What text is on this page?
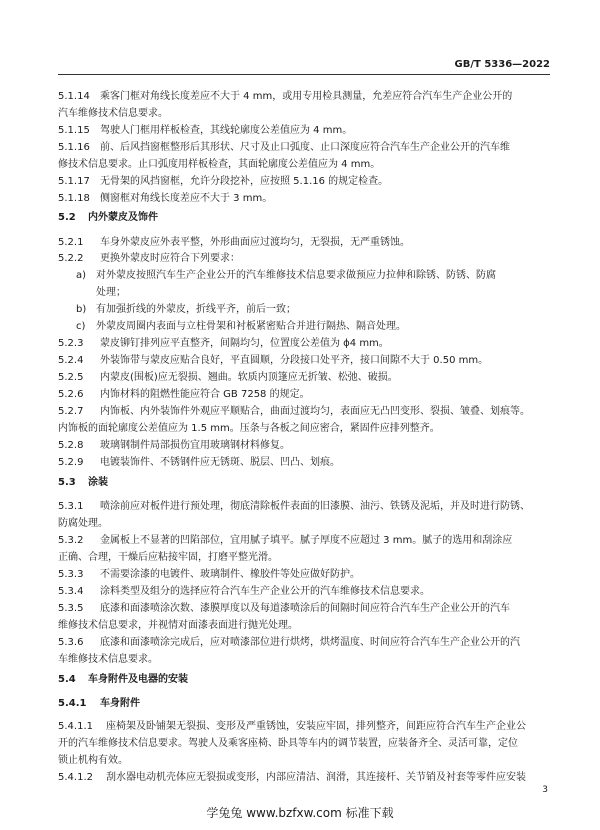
GB/T 5336—2022
5.1.14 乘客门框对角线长度差应不大于 4 mm，或用专用检具测量，允差应符合汽车生产企业公开的
汽车维修技术信息要求。
5.1.15 驾驶人门框用样板检查，其线轮廓度公差值应为 4 mm。
5.1.16 前、后风挡窗框整形后其形状、尺寸及止口弧度、止口深度应符合汽车生产企业公开的汽车维
修技术信息要求。止口弧度用样板检查，其面轮廓度公差值应为 4 mm。
5.1.17 无骨架的风挡窗框，允许分段挖补，应按照 5.1.16 的规定检查。
5.1.18 侧窗框对角线长度差应不大于 3 mm。
5.2 内外蒙皮及饰件
5.2.1 车身外蒙皮应外表平整，外形曲面应过渡均匀，无裂损，无严重锈蚀。
5.2.2 更换外蒙皮时应符合下列要求：
a) 对外蒙皮按照汽车生产企业公开的汽车维修技术信息要求做预应力拉伸和除锈、防锈、防腐
处理；
b) 有加强折线的外蒙皮，折线平齐，前后一致；
c) 外蒙皮周圈内表面与立柱骨架和衬板紧密贴合并进行隔热、隔音处理。
5.2.3 蒙皮铆钉排列应平直整齐，间隔均匀，位置度公差值为 ϕ4 mm。
5.2.4 外装饰带与蒙皮应贴合良好，平直圆顺，分段接口处平齐，接口间隙不大于 0.50 mm。
5.2.5 内蒙皮(围板)应无裂损、翘曲。软质内顶篷应无折皱、松弛、破损。
5.2.6 内饰材料的阻燃性能应符合 GB 7258 的规定。
5.2.7 内饰板、内外装饰件外观应平顺贴合，曲面过渡均匀，表面应无凸凹变形、裂损、皱叠、划痕等。
内饰板的面轮廓度公差值应为 1.5 mm。压条与各板之间应密合，紧固件应排列整齐。
5.2.8 玻璃钢制件局部损伤宜用玻璃钢材料修复。
5.2.9 电镀装饰件、不锈钢件应无锈斑、脱层、凹凸、划痕。
5.3 涂装
5.3.1 喷涂前应对板件进行预处理，彻底清除板件表面的旧漆膜、油污、铁锈及泥垢，并及时进行防锈、
防腐处理。
5.3.2 金属板上不显著的凹陷部位，宜用腻子填平。腻子厚度不应超过 3 mm。腻子的选用和刮涂应
正确、合理，干燥后应粘接牢固，打磨平整光滑。
5.3.3 不需要涂漆的电镀件、玻璃制件、橡胶件等处应做好防护。
5.3.4 涂料类型及组分的选择应符合汽车生产企业公开的汽车维修技术信息要求。
5.3.5 底漆和面漆喷涂次数、漆膜厚度以及每道漆喷涂后的间隔时间应符合汽车生产企业公开的汽车
维修技术信息要求，并视情对面漆表面进行抛光处理。
5.3.6 底漆和面漆喷涂完成后，应对喷漆部位进行烘烤，烘烤温度、时间应符合汽车生产企业公开的汽
车维修技术信息要求。
5.4 车身附件及电器的安装
5.4.1 车身附件
5.4.1.1 座椅架及卧铺架无裂损、变形及严重锈蚀，安装应牢固，排列整齐，间距应符合汽车生产企业公
开的汽车维修技术信息要求。驾驶人及乘客座椅、卧具等车内的调节装置，应装备齐全、灵活可靠，定位
锁止机构有效。
5.4.1.2 刮水器电动机壳体应无裂损或变形，内部应清洁、润滑，其连接杆、关节销及衬套等零件应安装
3
学兔兔 www.bzfxw.com 标准下载
